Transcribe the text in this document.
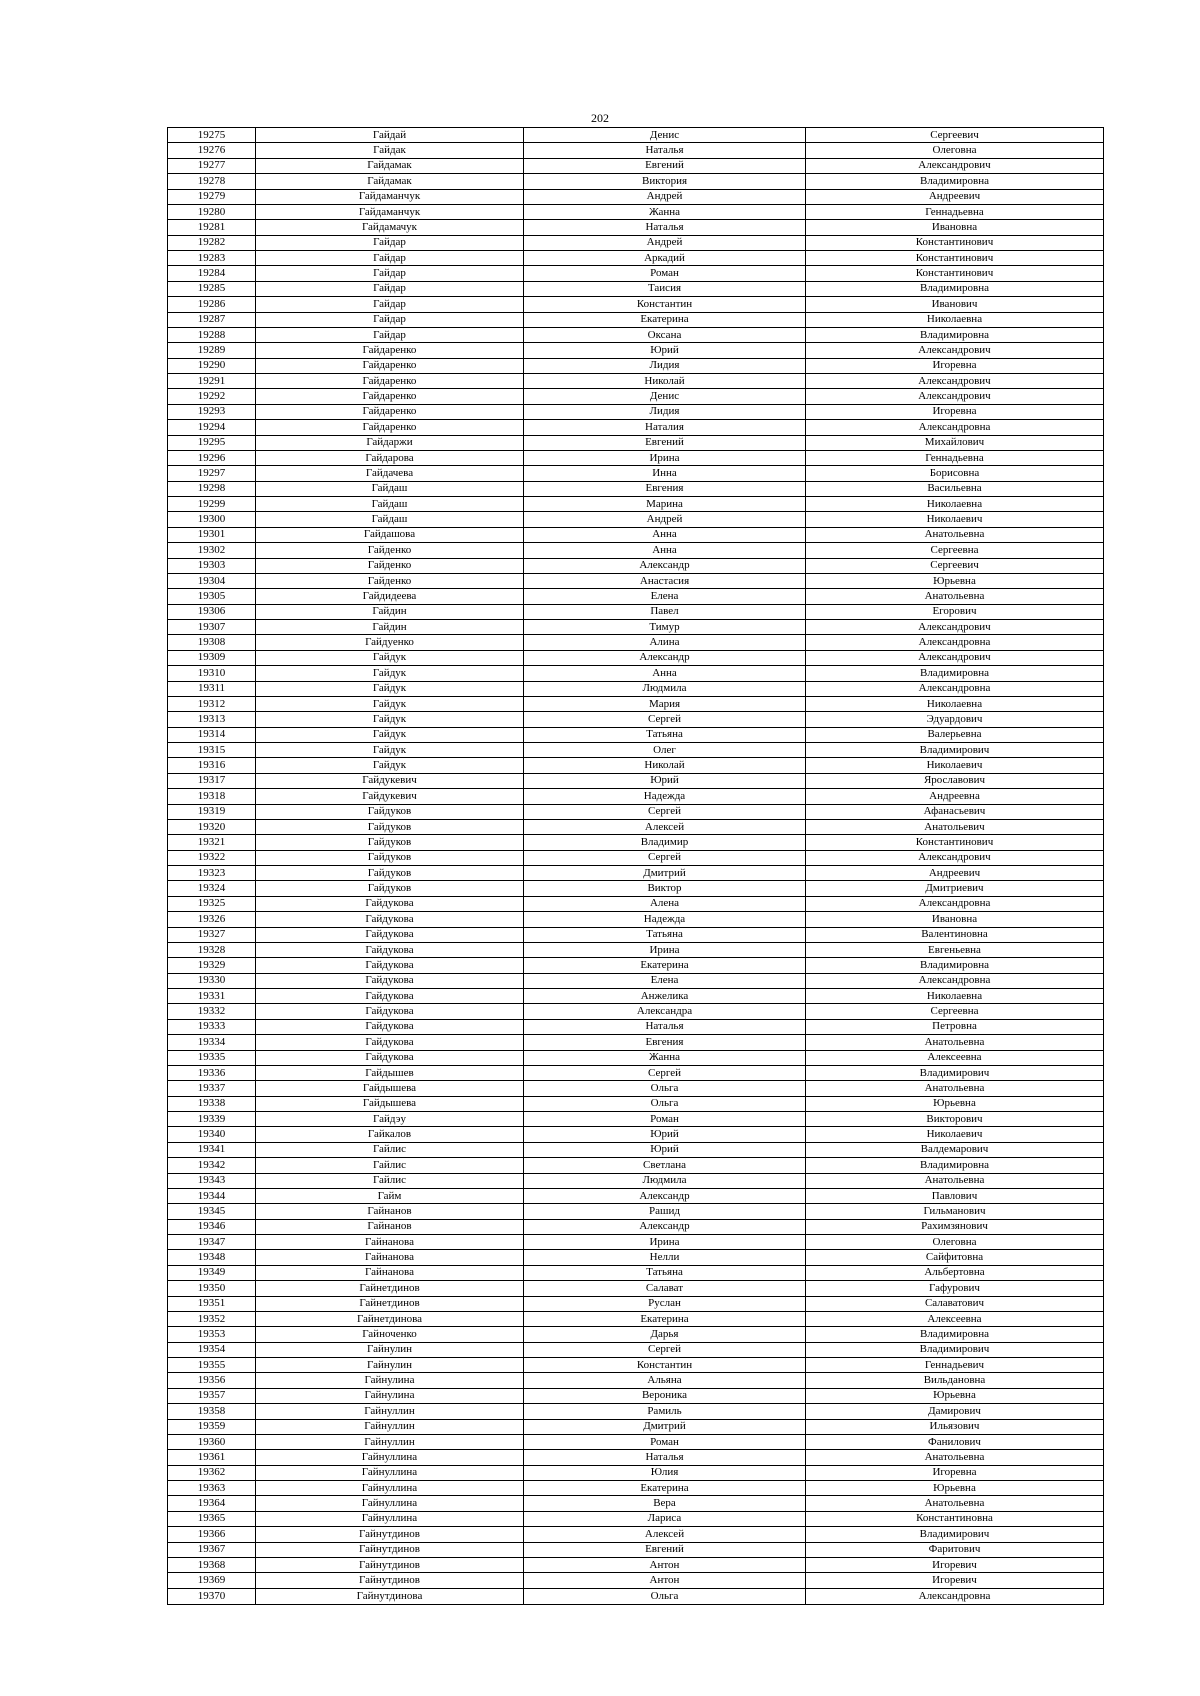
202
19275	Гайдай	Денис	Сергеевич
19276	Гайдак	Наталья	Олеговна
19277	Гайдамак	Евгений	Александрович
19278	Гайдамак	Виктория	Владимировна
19279	Гайдаманчук	Андрей	Андреевич
19280	Гайдаманчук	Жанна	Геннадьевна
19281	Гайдамачук	Наталья	Ивановна
19282	Гайдар	Андрей	Константинович
19283	Гайдар	Аркадий	Константинович
19284	Гайдар	Роман	Константинович
19285	Гайдар	Таисия	Владимировна
19286	Гайдар	Константин	Иванович
19287	Гайдар	Екатерина	Николаевна
19288	Гайдар	Оксана	Владимировна
19289	Гайдаренко	Юрий	Александрович
19290	Гайдаренко	Лидия	Игоревна
19291	Гайдаренко	Николай	Александрович
19292	Гайдаренко	Денис	Александрович
19293	Гайдаренко	Лидия	Игоревна
19294	Гайдаренко	Наталия	Александровна
19295	Гайдаржи	Евгений	Михайлович
19296	Гайдарова	Ирина	Геннадьевна
19297	Гайдачева	Инна	Борисовна
19298	Гайдаш	Евгения	Васильевна
19299	Гайдаш	Марина	Николаевна
19300	Гайдаш	Андрей	Николаевич
19301	Гайдашова	Анна	Анатольевна
19302	Гайденко	Анна	Сергеевна
19303	Гайденко	Александр	Сергеевич
19304	Гайденко	Анастасия	Юрьевна
19305	Гайдидеева	Елена	Анатольевна
19306	Гайдин	Павел	Егорович
19307	Гайдин	Тимур	Александрович
19308	Гайдуенко	Алина	Александровна
19309	Гайдук	Александр	Александрович
19310	Гайдук	Анна	Владимировна
19311	Гайдук	Людмила	Александровна
19312	Гайдук	Мария	Николаевна
19313	Гайдук	Сергей	Эдуардович
19314	Гайдук	Татьяна	Валерьевна
19315	Гайдук	Олег	Владимирович
19316	Гайдук	Николай	Николаевич
19317	Гайдукевич	Юрий	Ярославович
19318	Гайдукевич	Надежда	Андреевна
19319	Гайдуков	Сергей	Афанасьевич
19320	Гайдуков	Алексей	Анатольевич
19321	Гайдуков	Владимир	Константинович
19322	Гайдуков	Сергей	Александрович
19323	Гайдуков	Дмитрий	Андреевич
19324	Гайдуков	Виктор	Дмитриевич
19325	Гайдукова	Алена	Александровна
19326	Гайдукова	Надежда	Ивановна
19327	Гайдукова	Татьяна	Валентиновна
19328	Гайдукова	Ирина	Евгеньевна
19329	Гайдукова	Екатерина	Владимировна
19330	Гайдукова	Елена	Александровна
19331	Гайдукова	Анжелика	Николаевна
19332	Гайдукова	Александра	Сергеевна
19333	Гайдукова	Наталья	Петровна
19334	Гайдукова	Евгения	Анатольевна
19335	Гайдукова	Жанна	Алексеевна
19336	Гайдышев	Сергей	Владимирович
19337	Гайдышева	Ольга	Анатольевна
19338	Гайдышева	Ольга	Юрьевна
19339	Гайдэу	Роман	Викторович
19340	Гайкалов	Юрий	Николаевич
19341	Гайлис	Юрий	Валдемарович
19342	Гайлис	Светлана	Владимировна
19343	Гайлис	Людмила	Анатольевна
19344	Гайм	Александр	Павлович
19345	Гайнанов	Рашид	Гильманович
19346	Гайнанов	Александр	Рахимзянович
19347	Гайнанова	Ирина	Олеговна
19348	Гайнанова	Нелли	Сайфитовна
19349	Гайнанова	Татьяна	Альбертовна
19350	Гайнетдинов	Салават	Гафурович
19351	Гайнетдинов	Руслан	Салаватович
19352	Гайнетдинова	Екатерина	Алексеевна
19353	Гайноченко	Дарья	Владимировна
19354	Гайнулин	Сергей	Владимирович
19355	Гайнулин	Константин	Геннадьевич
19356	Гайнулина	Альяна	Вильдановна
19357	Гайнулина	Вероника	Юрьевна
19358	Гайнуллин	Рамиль	Дамирович
19359	Гайнуллин	Дмитрий	Ильязович
19360	Гайнуллин	Роман	Фанилович
19361	Гайнуллина	Наталья	Анатольевна
19362	Гайнуллина	Юлия	Игоревна
19363	Гайнуллина	Екатерина	Юрьевна
19364	Гайнуллина	Вера	Анатольевна
19365	Гайнуллина	Лариса	Константиновна
19366	Гайнутдинов	Алексей	Владимирович
19367	Гайнутдинов	Евгений	Фаритович
19368	Гайнутдинов	Антон	Игоревич
19369	Гайнутдинов	Антон	Игоревич
19370	Гайнутдинова	Ольга	Александровна
